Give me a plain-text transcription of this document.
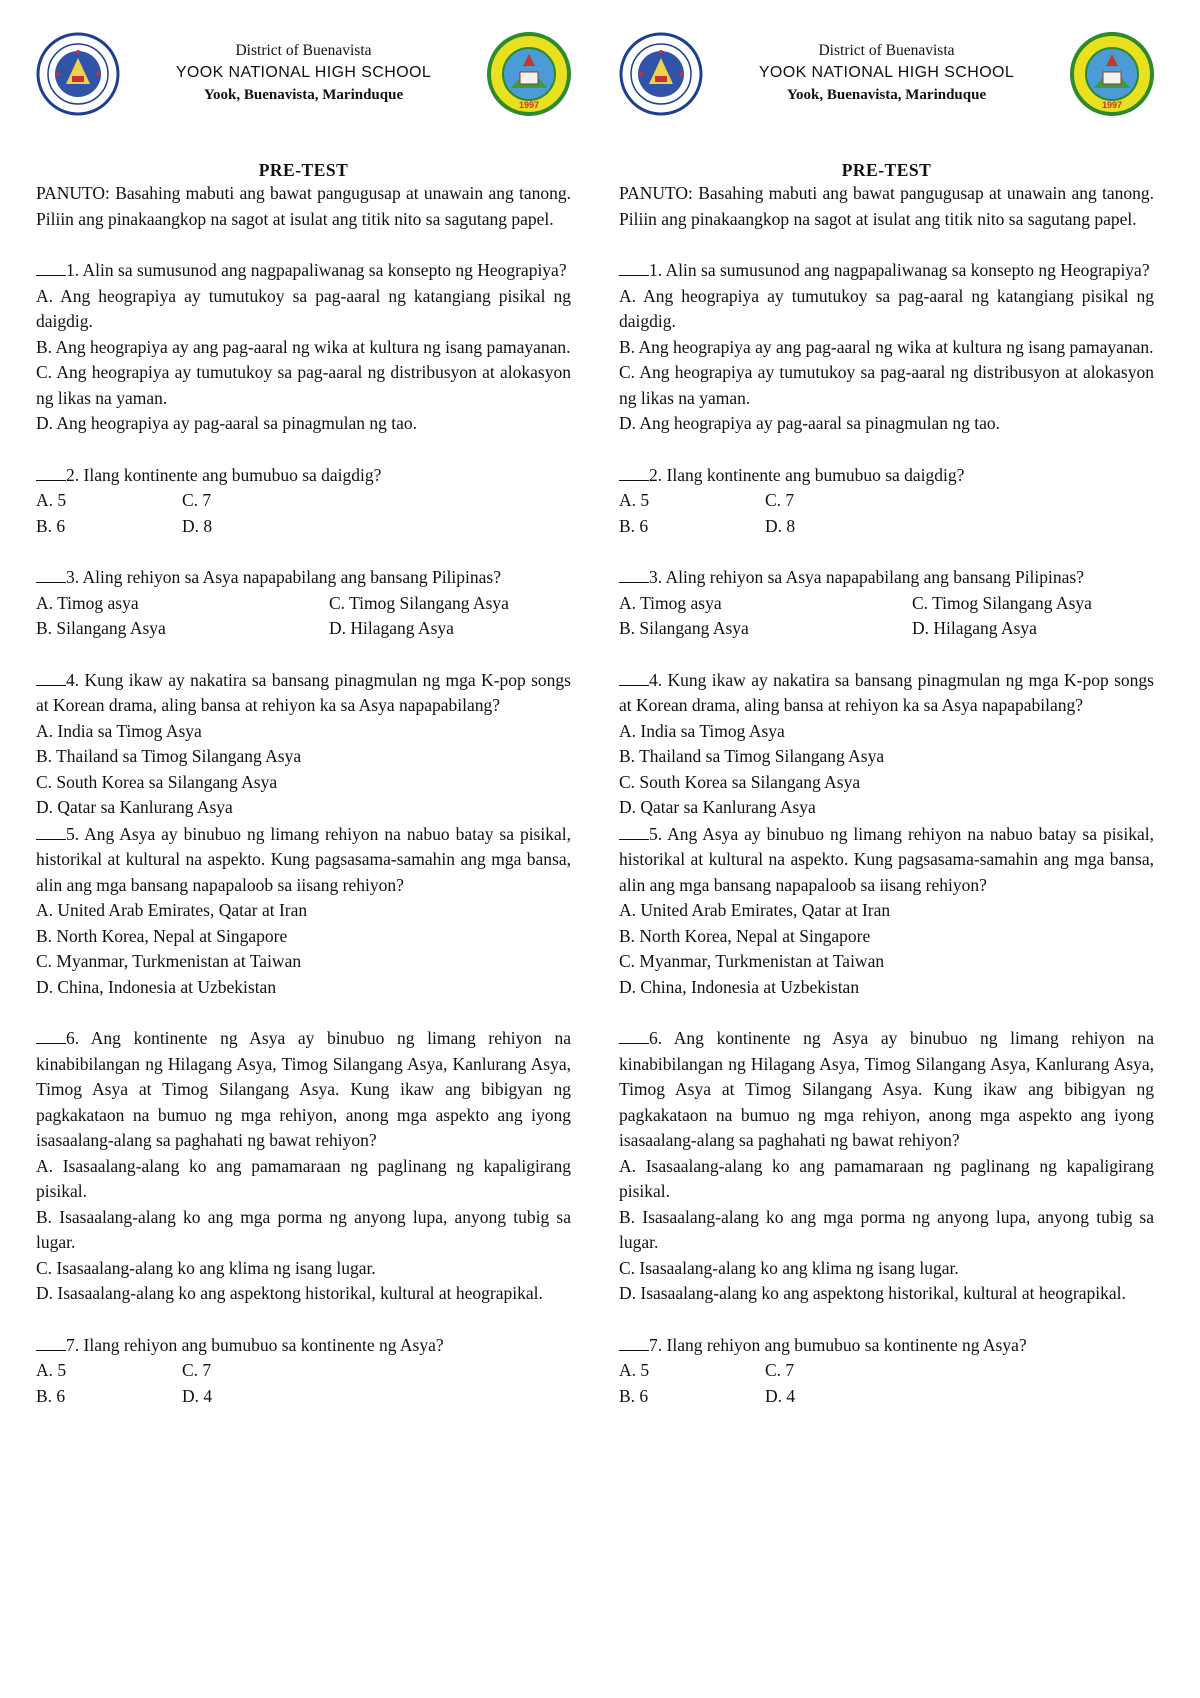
District of Buenavista
YOOK NATIONAL HIGH SCHOOL
Yook, Buenavista, Marinduque
1997
PRE-TEST

PANUTO: Basahing mabuti ang bawat pangugusap at unawain ang tanong. Piliin ang pinakaangkop na sagot at isulat ang titik nito sa sagutang papel.

1. Alin sa sumusunod ang nagpapaliwanag sa konsepto ng Heograpiya?

A. Ang heograpiya ay tumutukoy sa pag-aaral ng katangiang pisikal ng daigdig.

B. Ang heograpiya ay ang pag-aaral ng wika at kultura ng isang pamayanan.

C. Ang heograpiya ay tumutukoy sa pag-aaral ng distribusyon at alokasyon ng likas na yaman.

D. Ang heograpiya ay pag-aaral sa pinagmulan ng tao.

2. Ilang kontinente ang bumubuo sa daigdig?

A. 5	C. 7
B. 6	D. 8

3. Aling rehiyon sa Asya napapabilang ang bansang Pilipinas?

A. Timog asya	C. Timog Silangang Asya
B. Silangang Asya	D. Hilagang Asya

4. Kung ikaw ay nakatira sa bansang pinagmulan ng mga K-pop songs at Korean drama, aling bansa at rehiyon ka sa Asya napapabilang?

A. India sa Timog Asya

B. Thailand sa Timog Silangang Asya

C. South Korea sa Silangang Asya

D. Qatar sa Kanlurang Asya

5. Ang Asya ay binubuo ng limang rehiyon na nabuo batay sa pisikal, historikal at kultural na aspekto. Kung pagsasama-samahin ang mga bansa, alin ang mga bansang napapaloob sa iisang rehiyon?

A. United Arab Emirates, Qatar at Iran

B. North Korea, Nepal at Singapore

C. Myanmar, Turkmenistan at Taiwan

D. China, Indonesia at Uzbekistan

6. Ang kontinente ng Asya ay binubuo ng limang rehiyon na kinabibilangan ng Hilagang Asya, Timog Silangang Asya, Kanlurang Asya, Timog Asya at Timog Silangang Asya. Kung ikaw ang bibigyan ng pagkakataon na bumuo ng mga rehiyon, anong mga aspekto ang iyong isasaalang-alang sa paghahati ng bawat rehiyon?

A. Isasaalang-alang ko ang pamamaraan ng paglinang ng kapaligirang pisikal.

B. Isasaalang-alang ko ang mga porma ng anyong lupa, anyong tubig sa lugar.

C. Isasaalang-alang ko ang klima ng isang lugar.

D. Isasaalang-alang ko ang aspektong historikal, kultural at heograpikal.

7. Ilang rehiyon ang bumubuo sa kontinente ng Asya?

A. 5	C. 7
B. 6	D. 4
District of Buenavista
YOOK NATIONAL HIGH SCHOOL
Yook, Buenavista, Marinduque
1997
PRE-TEST

PANUTO: Basahing mabuti ang bawat pangugusap at unawain ang tanong. Piliin ang pinakaangkop na sagot at isulat ang titik nito sa sagutang papel.

1. Alin sa sumusunod ang nagpapaliwanag sa konsepto ng Heograpiya?

A. Ang heograpiya ay tumutukoy sa pag-aaral ng katangiang pisikal ng daigdig.

B. Ang heograpiya ay ang pag-aaral ng wika at kultura ng isang pamayanan.

C. Ang heograpiya ay tumutukoy sa pag-aaral ng distribusyon at alokasyon ng likas na yaman.

D. Ang heograpiya ay pag-aaral sa pinagmulan ng tao.

2. Ilang kontinente ang bumubuo sa daigdig?

A. 5	C. 7
B. 6	D. 8

3. Aling rehiyon sa Asya napapabilang ang bansang Pilipinas?

A. Timog asya	C. Timog Silangang Asya
B. Silangang Asya	D. Hilagang Asya

4. Kung ikaw ay nakatira sa bansang pinagmulan ng mga K-pop songs at Korean drama, aling bansa at rehiyon ka sa Asya napapabilang?

A. India sa Timog Asya

B. Thailand sa Timog Silangang Asya

C. South Korea sa Silangang Asya

D. Qatar sa Kanlurang Asya

5. Ang Asya ay binubuo ng limang rehiyon na nabuo batay sa pisikal, historikal at kultural na aspekto. Kung pagsasama-samahin ang mga bansa, alin ang mga bansang napapaloob sa iisang rehiyon?

A. United Arab Emirates, Qatar at Iran

B. North Korea, Nepal at Singapore

C. Myanmar, Turkmenistan at Taiwan

D. China, Indonesia at Uzbekistan

6. Ang kontinente ng Asya ay binubuo ng limang rehiyon na kinabibilangan ng Hilagang Asya, Timog Silangang Asya, Kanlurang Asya, Timog Asya at Timog Silangang Asya. Kung ikaw ang bibigyan ng pagkakataon na bumuo ng mga rehiyon, anong mga aspekto ang iyong isasaalang-alang sa paghahati ng bawat rehiyon?

A. Isasaalang-alang ko ang pamamaraan ng paglinang ng kapaligirang pisikal.

B. Isasaalang-alang ko ang mga porma ng anyong lupa, anyong tubig sa lugar.

C. Isasaalang-alang ko ang klima ng isang lugar.

D. Isasaalang-alang ko ang aspektong historikal, kultural at heograpikal.

7. Ilang rehiyon ang bumubuo sa kontinente ng Asya?

A. 5	C. 7
B. 6	D. 4
